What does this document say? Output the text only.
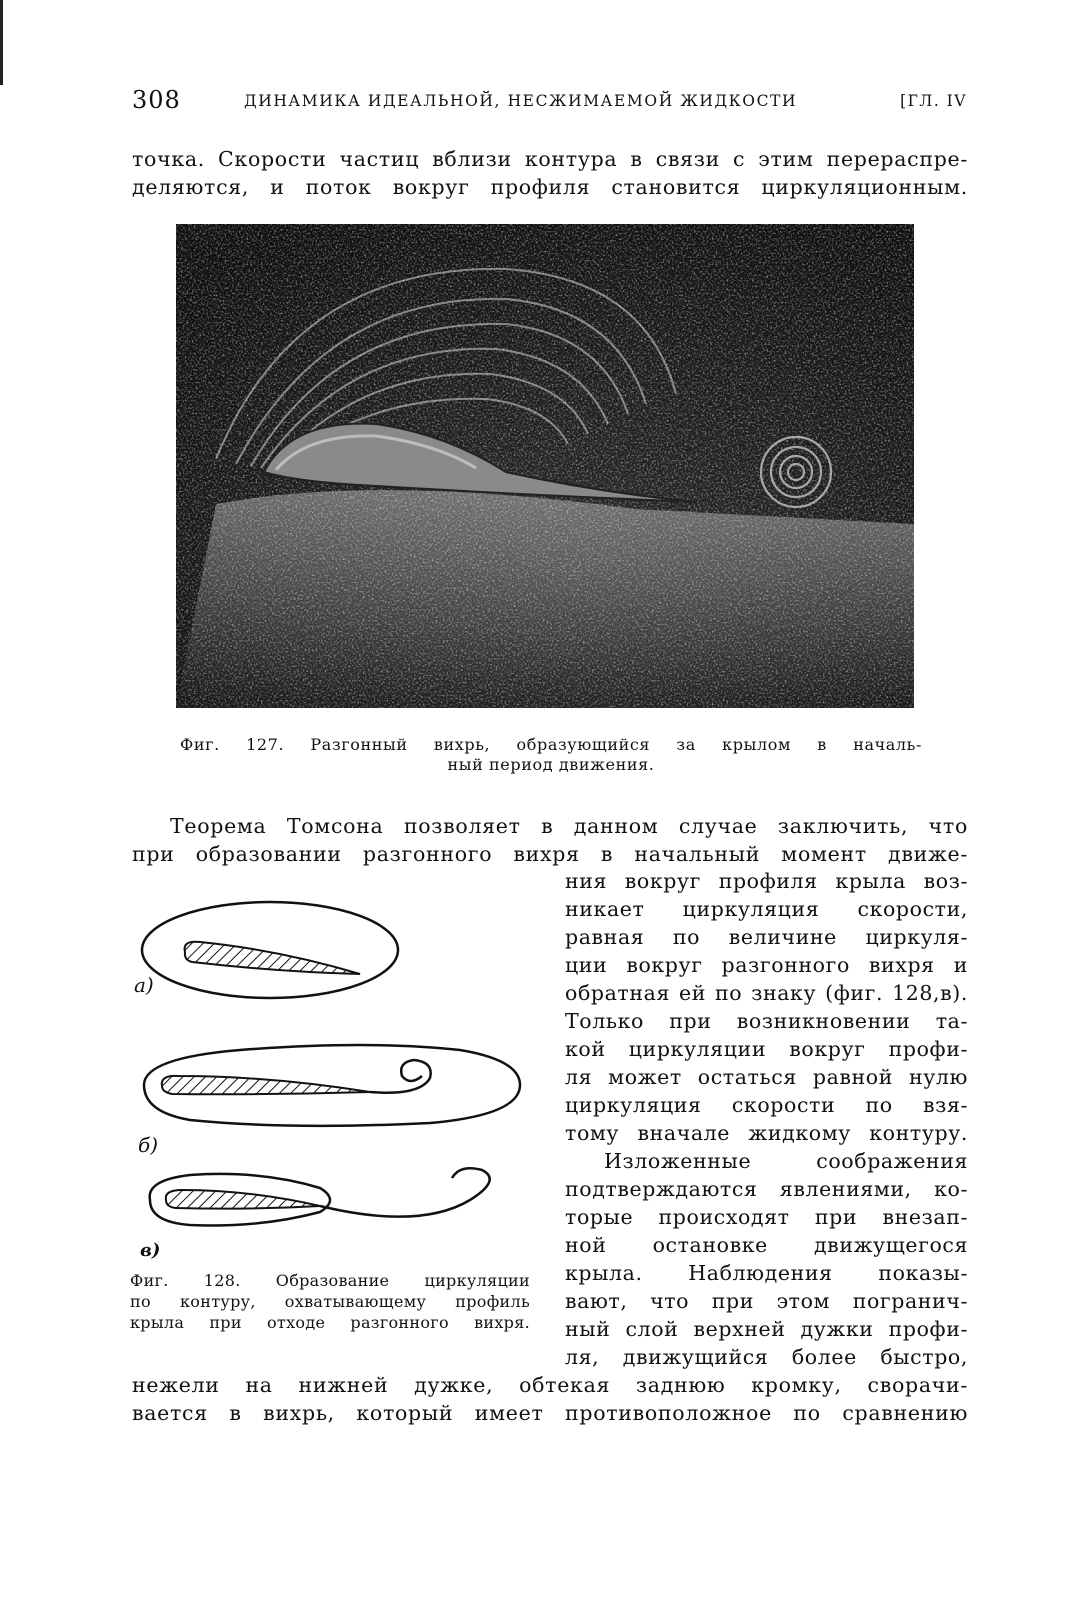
308	ДИНАМИКА ИДЕАЛЬНОЙ, НЕСЖИМАЕМОЙ ЖИДКОСТИ	[ГЛ. IV
точка. Скорости частиц вблизи контура в связи с этим перераспре-
деляются, и поток вокруг профиля становится циркуляционным.
Фиг. 127. Разгонный вихрь, образующийся за крылом в началь-
ный период движения.
Теорема Томсона позволяет в данном случае заключить, что
при образовании разгонного вихря в начальный момент движе-
а)
б)
в)
Фиг. 128. Образование циркуляции
по контуру, охватывающему профиль
крыла при отходе разгонного вихря.
ния вокруг профиля крыла воз-
никает циркуляция скорости,
равная по величине циркуля-
ции вокруг разгонного вихря и
обратная ей по знаку (фиг. 128,в).
Только при возникновении та-
кой циркуляции вокруг профи-
ля может остаться равной нулю
циркуляция скорости по взя-
тому вначале жидкому контуру.
Изложенные соображения
подтверждаются явлениями, ко-
торые происходят при внезап-
ной остановке движущегося
крыла. Наблюдения показы-
вают, что при этом погранич-
ный слой верхней дужки профи-
ля, движущийся более быстро,
нежели на нижней дужке, обтекая заднюю кромку, сворачи-
вается в вихрь, который имеет противоположное по сравнению
